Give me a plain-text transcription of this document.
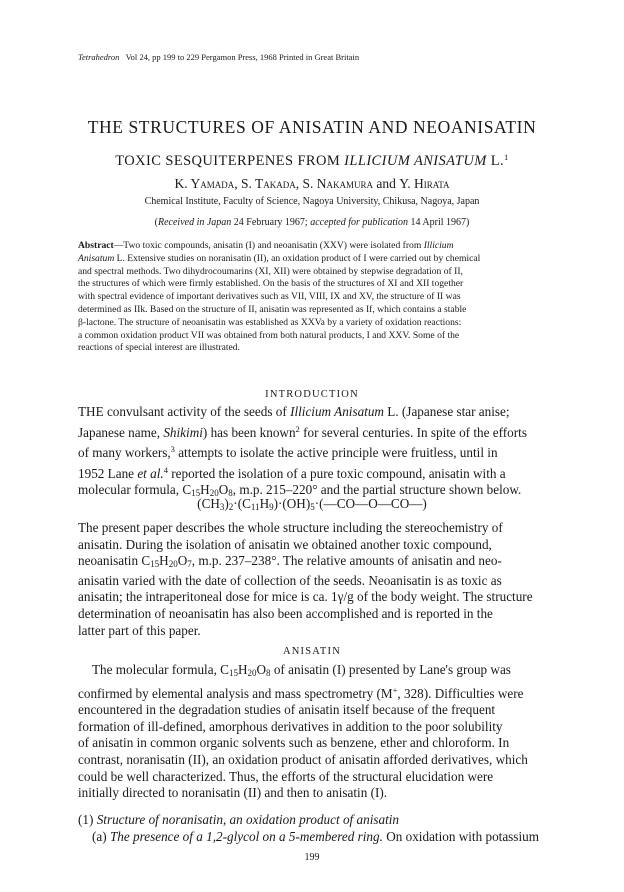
Tetrahedron Vol 24, pp 199 to 229 Pergamon Press, 1968 Printed in Great Britain
THE STRUCTURES OF ANISATIN AND NEOANISATIN
TOXIC SESQUITERPENES FROM ILLICIUM ANISATUM L.$^1$
K. Yamada, S. Takada, S. Nakamura and Y. Hirata
Chemical Institute, Faculty of Science, Nagoya University, Chikusa, Nagoya, Japan
(Received in Japan 24 February 1967; accepted for publication 14 April 1967)
Abstract—Two toxic compounds, anisatin (I) and neoanisatin (XXV) were isolated from Illicium
Anisatum L. Extensive studies on noranisatin (II), an oxidation product of I were carried out by chemical
and spectral methods. Two dihydrocoumarins (XI, XII) were obtained by stepwise degradation of II,
the structures of which were firmly established. On the basis of the structures of XI and XII together
with spectral evidence of important derivatives such as VII, VIII, IX and XV, the structure of II was
determined as IIk. Based on the structure of II, anisatin was represented as If, which contains a stable
β-lactone. The structure of neoanisatin was established as XXVa by a variety of oxidation reactions:
a common oxidation product VII was obtained from both natural products, I and XXV. Some of the
reactions of special interest are illustrated.
INTRODUCTION
THE convulsant activity of the seeds of Illicium Anisatum L. (Japanese star anise;
Japanese name, Shikimi) has been known$^2$ for several centuries. In spite of the efforts
of many workers,$^3$ attempts to isolate the active principle were fruitless, until in
1952 Lane et al.$^4$ reported the isolation of a pure toxic compound, anisatin with a
molecular formula, $C_{15}H_{20}O_8$, m.p. 215–220° and the partial structure shown below.
$(CH_3)_2\cdot(C_{11}H_9)\cdot(OH)_5\cdot(—CO—O—CO—)$
The present paper describes the whole structure including the stereochemistry of
anisatin. During the isolation of anisatin we obtained another toxic compound,
neoanisatin $C_{15}H_{20}O_7$, m.p. 237–238°. The relative amounts of anisatin and neo-
anisatin varied with the date of collection of the seeds. Neoanisatin is as toxic as
anisatin; the intraperitoneal dose for mice is ca. 1γ/g of the body weight. The structure
determination of neoanisatin has also been accomplished and is reported in the
latter part of this paper.
ANISATIN
The molecular formula, $C_{15}H_{20}O_8$ of anisatin (I) presented by Lane's group was
confirmed by elemental analysis and mass spectrometry (M+, 328). Difficulties were
encountered in the degradation studies of anisatin itself because of the frequent
formation of ill-defined, amorphous derivatives in addition to the poor solubility
of anisatin in common organic solvents such as benzene, ether and chloroform. In
contrast, noranisatin (II), an oxidation product of anisatin afforded derivatives, which
could be well characterized. Thus, the efforts of the structural elucidation were
initially directed to noranisatin (II) and then to anisatin (I).
(1) Structure of noranisatin, an oxidation product of anisatin
(a) The presence of a 1,2-glycol on a 5-membered ring. On oxidation with potassium
199
